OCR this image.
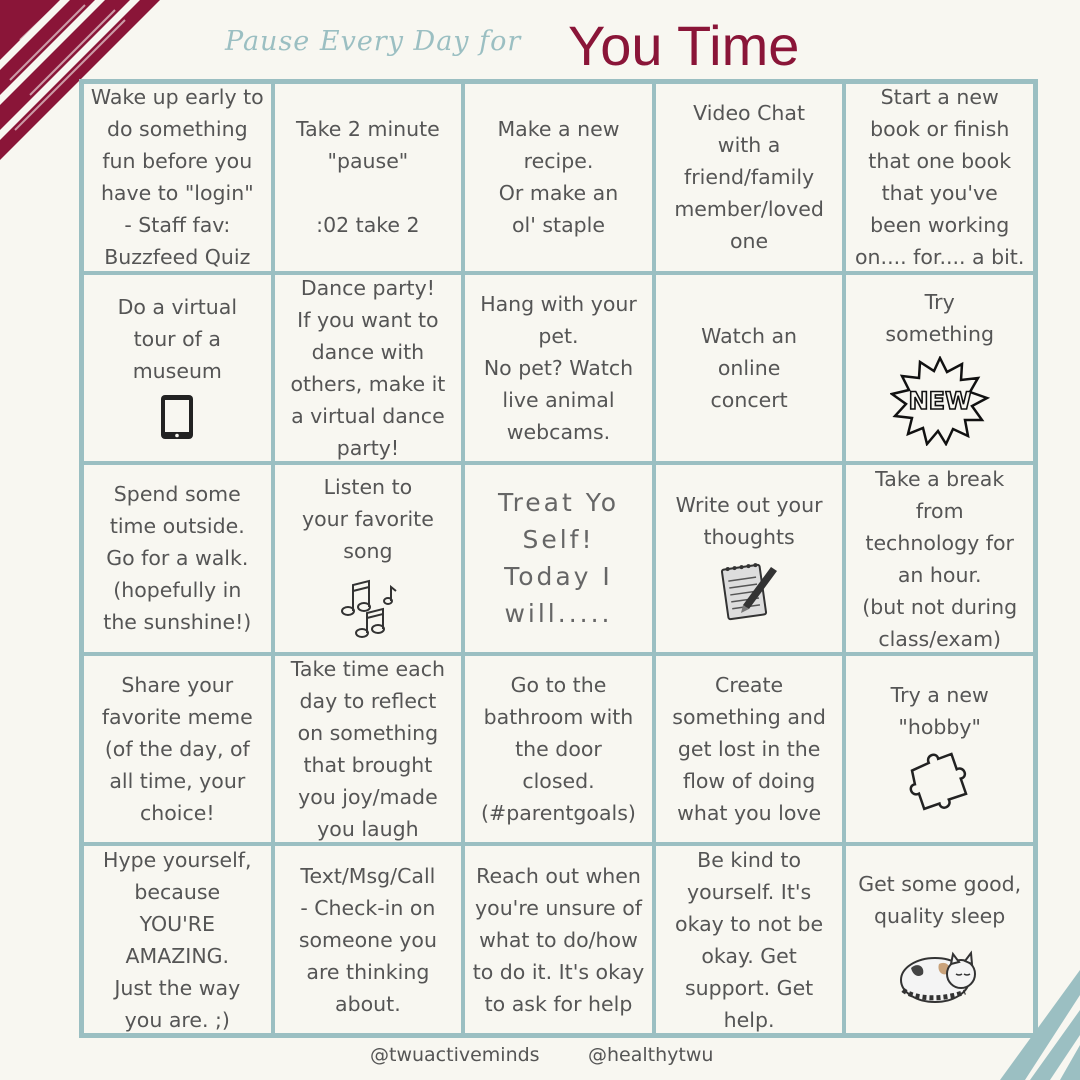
Pause Every Day for You Time
Wake up early to
do something
fun before you
have to "login"
- Staff fav:
Buzzfeed Quiz
Take 2 minute
"pause"

:02 take 2
Make a new
recipe.
Or make an
ol' staple
Video Chat
with a
friend/family
member/loved
one
Start a new
book or finish
that one book
that you've
been working
on.... for.... a bit.
Do a virtual
tour of a
museum
Dance party!
If you want to
dance with
others, make it
a virtual dance
party!
Hang with your
pet.
No pet? Watch
live animal
webcams.
Watch an
online
concert
Try
something
NEW
Spend some
time outside.
Go for a walk.
(hopefully in
the sunshine!)
Listen to
your favorite
song
Treat Yo
Self!
Today I
will.....
Write out your
thoughts
Take a break
from
technology for
an hour.
(but not during
class/exam)
Share your
favorite meme
(of the day, of
all time, your
choice!
Take time each
day to reflect
on something
that brought
you joy/made
you laugh
Go to the
bathroom with
the door
closed.
(#parentgoals)
Create
something and
get lost in the
flow of doing
what you love
Try a new
"hobby"
Hype yourself,
because
YOU'RE
AMAZING.
Just the way
you are. ;)
Text/Msg/Call
- Check-in on
someone you
are thinking
about.
Reach out when
you're unsure of
what to do/how
to do it. It's okay
to ask for help
Be kind to
yourself. It's
okay to not be
okay. Get
support. Get
help.
Get some good,
quality sleep
@twuactiveminds	@healthytwu
